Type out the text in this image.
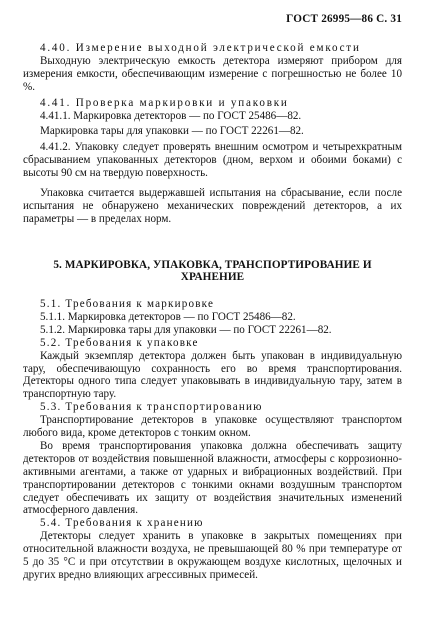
ГОСТ 26995—86 С. 31

4.40. Измерение выходной электрической емкости

Выходную электрическую емкость детектора измеряют прибором для измерения емкости, обеспечивающим измерение с погрешностью не более 10 %.

4.41. Проверка маркировки и упаковки

4.41.1. Маркировка детекторов — по ГОСТ 25486—82.

Маркировка тары для упаковки — по ГОСТ 22261—82.

4.41.2. Упаковку следует проверять внешним осмотром и четырехкратным сбрасыванием упакованных детекторов (дном, верхом и обоими боками) с высоты 90 см на твердую поверхность.

Упаковка считается выдержавшей испытания на сбрасывание, если после испытания не обнаружено механических повреждений детекторов, а их параметры — в пределах норм.

5. МАРКИРОВКА, УПАКОВКА, ТРАНСПОРТИРОВАНИЕ И ХРАНЕНИЕ

5.1. Требования к маркировке

5.1.1. Маркировка детекторов — по ГОСТ 25486—82.

5.1.2. Маркировка тары для упаковки — по ГОСТ 22261—82.

5.2. Требования к упаковке

Каждый экземпляр детектора должен быть упакован в индивидуальную тару, обеспечивающую сохранность его во время транспортирования. Детекторы одного типа следует упаковывать в индивидуальную тару, затем в транспортную тару.

5.3. Требования к транспортированию

Транспортирование детекторов в упаковке осуществляют транспортом любого вида, кроме детекторов с тонким окном.

Во время транспортирования упаковка должна обеспечивать защиту детекторов от воздействия повышенной влажности, атмосферы с коррозионно-активными агентами, а также от ударных и вибрационных воздействий. При транспортировании детекторов с тонкими окнами воздушным транспортом следует обеспечивать их защиту от воздействия значительных изменений атмосферного давления.

5.4. Требования к хранению

Детекторы следует хранить в упаковке в закрытых помещениях при относительной влажности воздуха, не превышающей 80 % при температуре от 5 до 35 °С и при отсутствии в окружающем воздухе кислотных, щелочных и других вредно влияющих агрессивных примесей.
